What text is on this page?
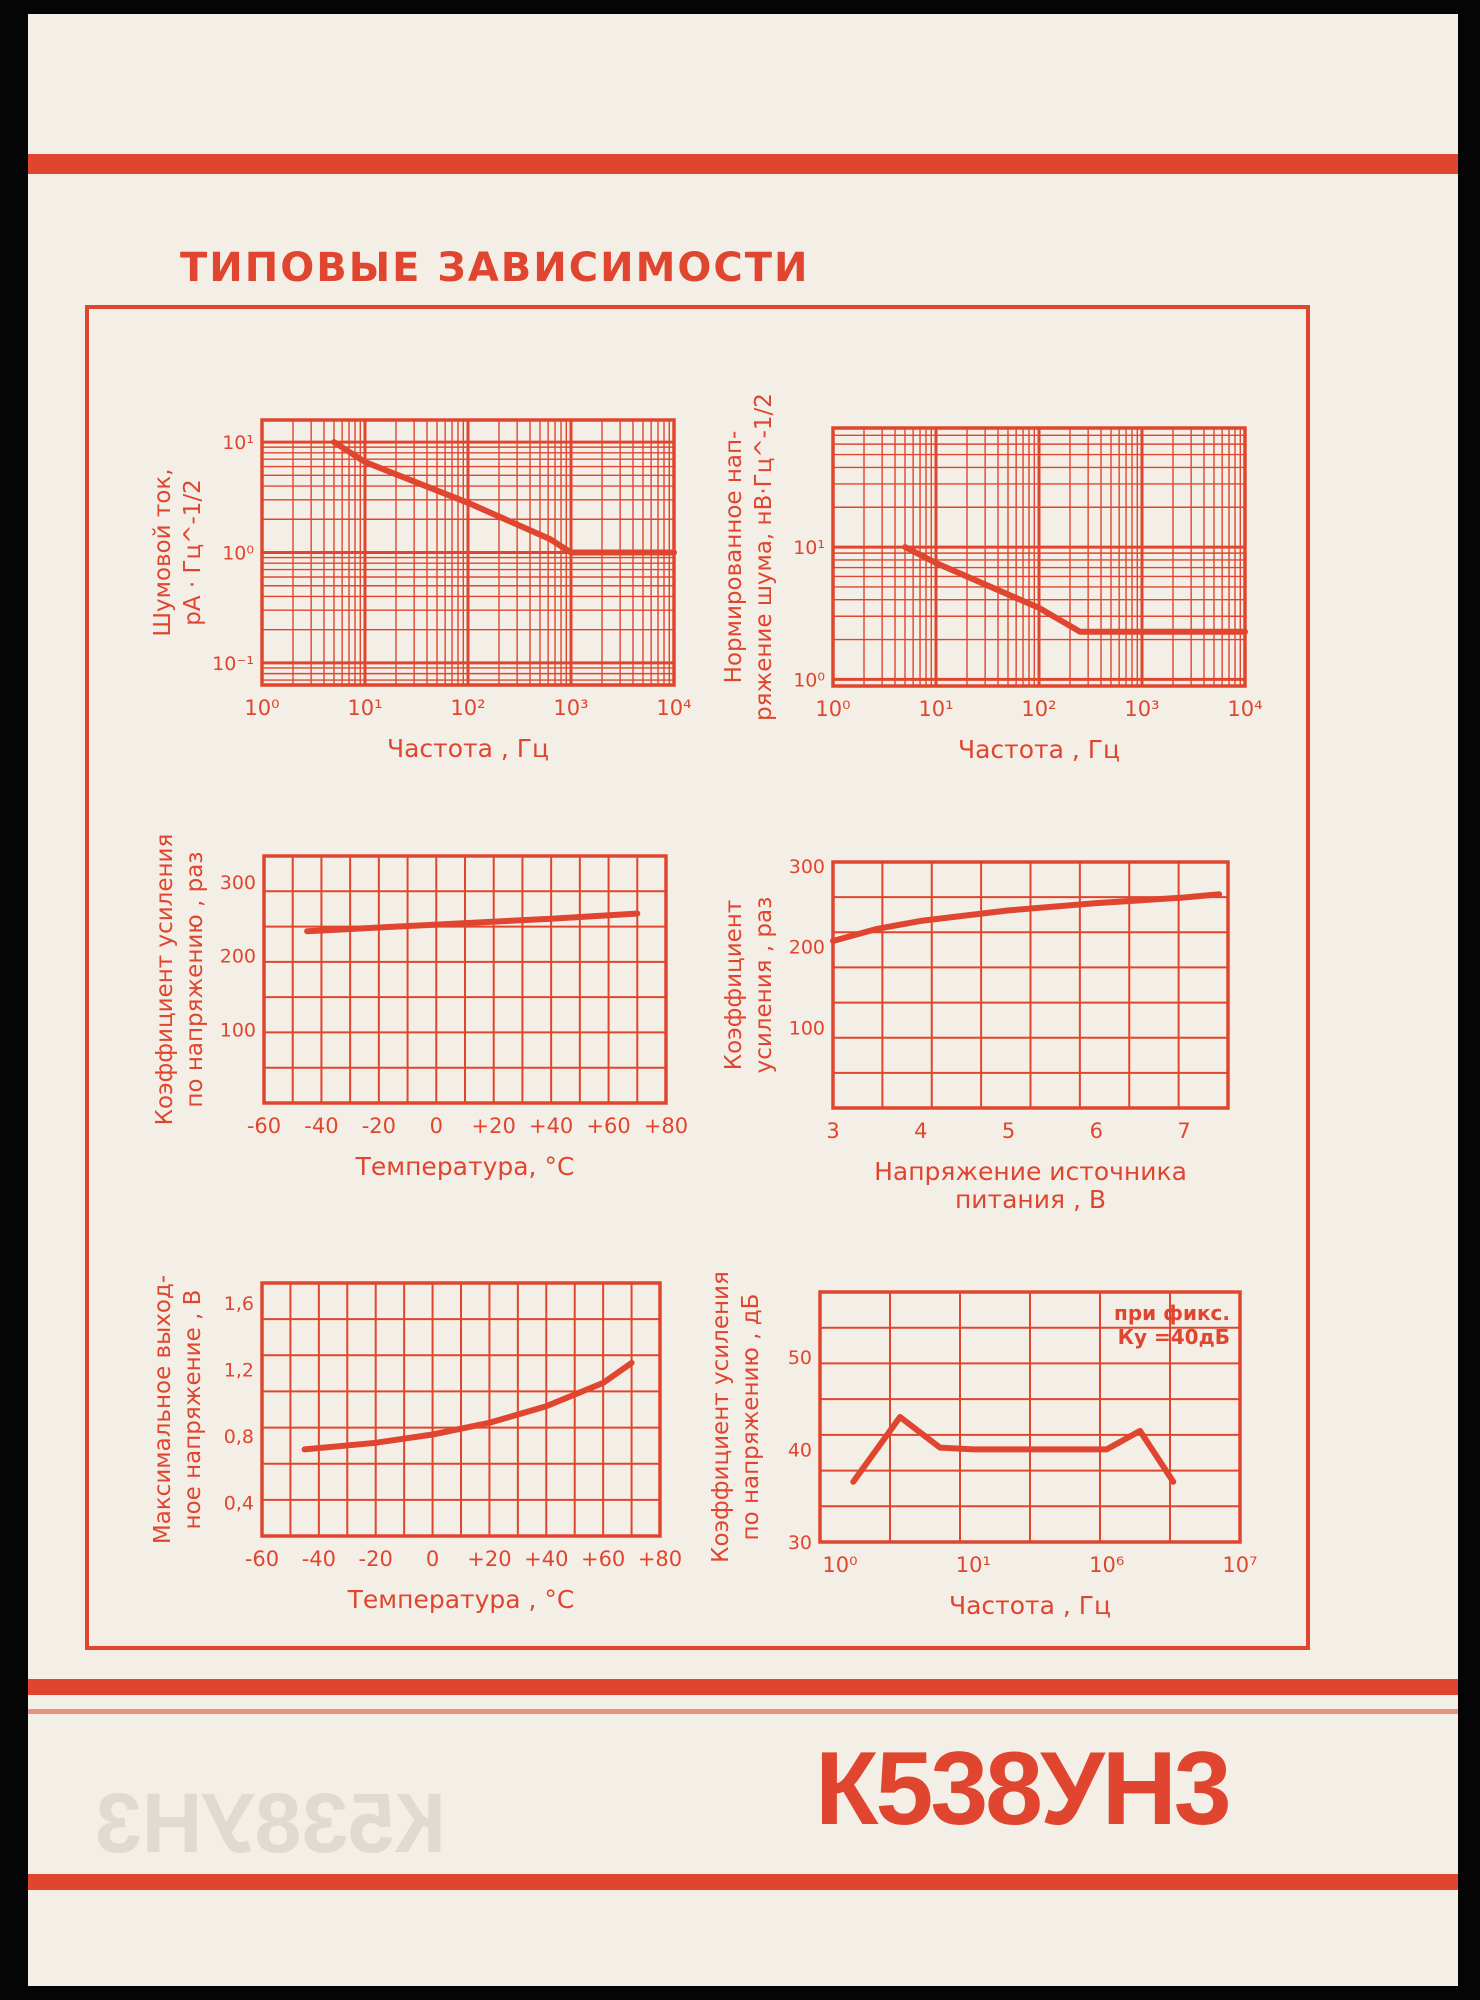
ТИПОВЫЕ ЗАВИСИМОСТИ
К538УН3	К538УН3
10⁰	10¹	10²	10³	10⁴
10⁻¹
10⁰
10¹
Частота , Гц
Шумовой ток, pA · Гц^-1/2
10⁰	10¹	10²	10³	10⁴
10⁰
10¹
Частота , Гц
Нормированное нап- ряжение шума, нВ·Гц^-1/2
-60 -40 -20 0 +20 +40 +60 +80
100
200
300
Температура, °С
Коэффициент усиления по напряжению , раз
3	4	5	6	7
100
200
300
Напряжение источника
питания , В
Коэффициент усиления , раз
-60 -40 -20 0 +20 +40 +60 +80
0,4
0,8
1,2
1,6
Температура , °С
Максимальное выход- ное напряжение , В
10⁰	10¹	10⁶	10⁷
30
40
50
Частота , Гц
Коэффициент усиления по напряжению , дБ	при фикс.
Ку =40дБ
